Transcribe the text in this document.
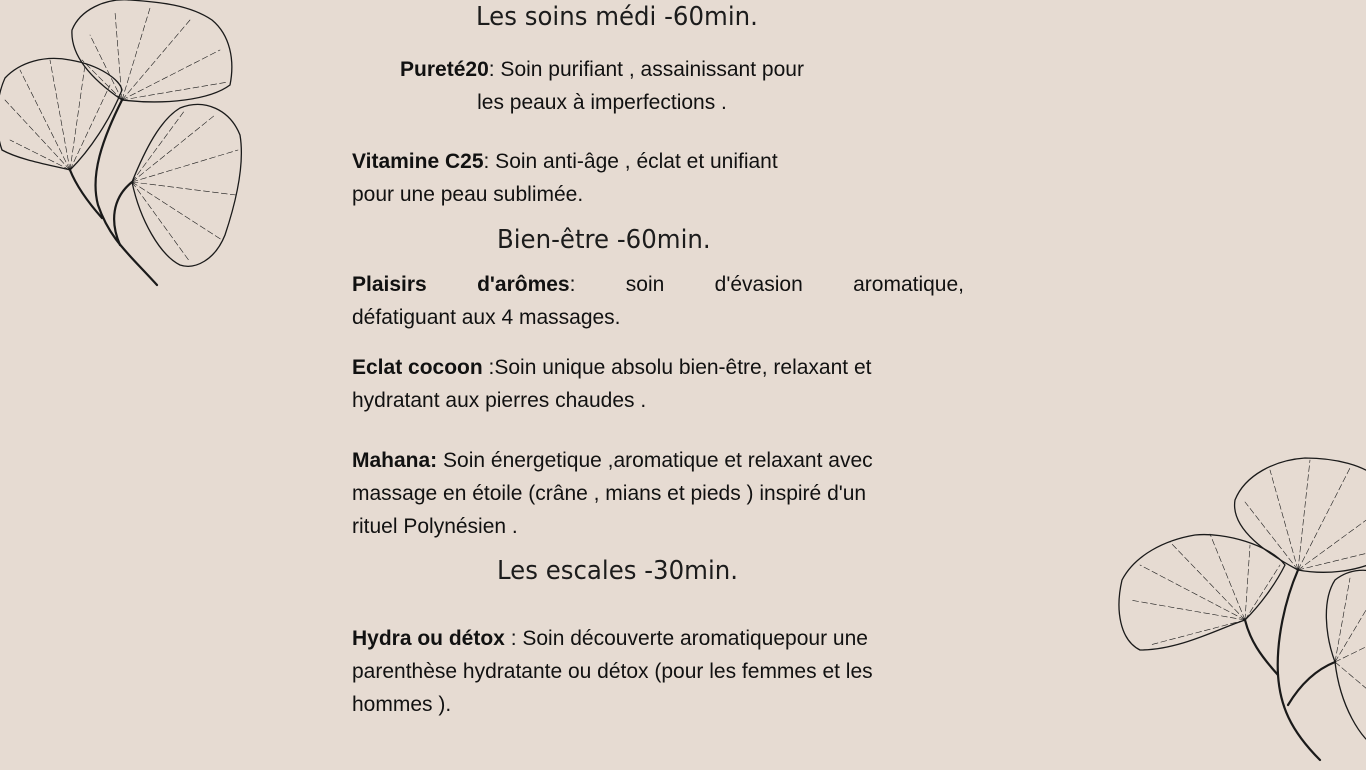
Les soins médi -60min.

Pureté20: Soin purifiant , assainissant pour
les peaux à imperfections .

Vitamine C25: Soin anti-âge , éclat et unifiant
pour une peau sublimée.

Bien-être -60min.
Plaisirs d'arômes: soin d'évasion aromatique,
défatiguant aux 4 massages.

Eclat cocoon :Soin unique absolu bien-être, relaxant et
hydratant aux pierres chaudes .

Mahana: Soin énergetique ,aromatique et relaxant avec
massage en étoile (crâne , mians et pieds ) inspiré d'un
rituel Polynésien .

Les escales -30min.

Hydra ou détox : Soin découverte aromatiquepour une
parenthèse hydratante ou détox (pour les femmes et les
hommes ).
